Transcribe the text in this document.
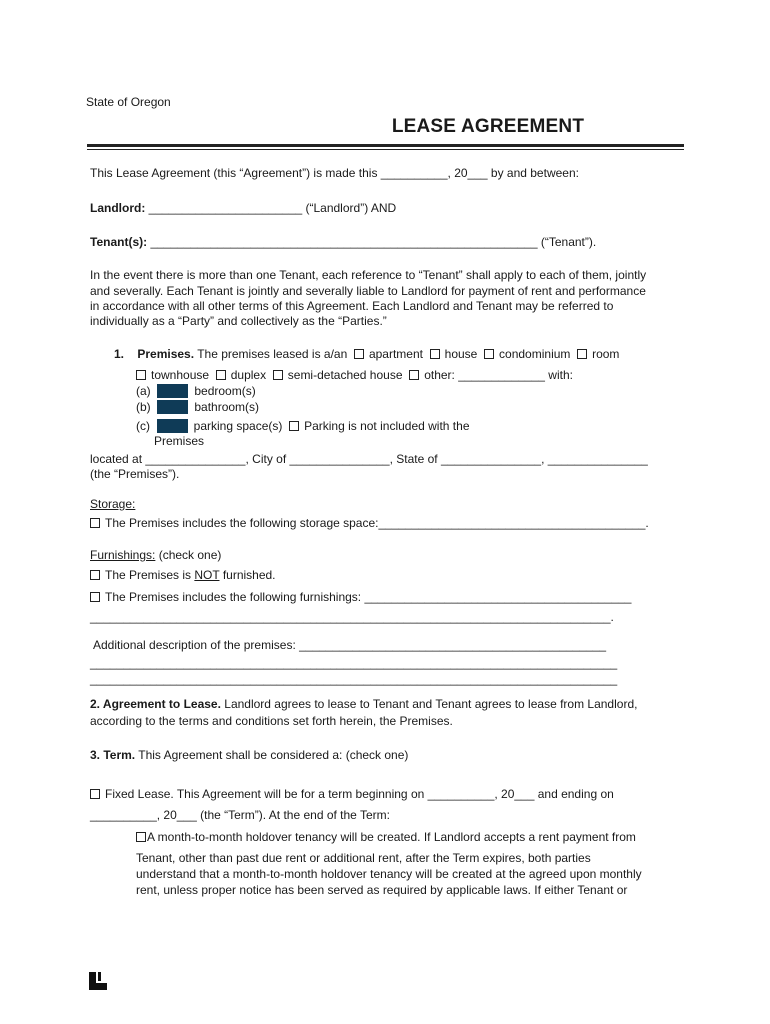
State of Oregon
LEASE AGREEMENT
This Lease Agreement (this “Agreement”) is made this __________, 20___ by and between:
Landlord: _______________________ (“Landlord”) AND
Tenant(s): __________________________________________________________ (“Tenant”).
In the event there is more than one Tenant, each reference to “Tenant” shall apply to each of them, jointly
and severally. Each Tenant is jointly and severally liable to Landlord for payment of rent and performance
in accordance with all other terms of this Agreement. Each Landlord and Tenant may be referred to
individually as a “Party” and collectively as the “Parties.”
1. Premises. The premises leased is a/an apartment house condominium room
townhouse duplex semi-detached house other: _____________ with:
(a)	bedroom(s)
(b)	bathroom(s)
(c)	parking space(s) Parking is not included with the
Premises
located at _______________, City of _______________, State of _______________, _______________
(the “Premises”).
Storage:
The Premises includes the following storage space:________________________________________.
Furnishings: (check one)
The Premises is NOT furnished.
The Premises includes the following furnishings: ________________________________________
______________________________________________________________________________.
Additional description of the premises: ______________________________________________
_______________________________________________________________________________
_______________________________________________________________________________
2. Agreement to Lease. Landlord agrees to lease to Tenant and Tenant agrees to lease from Landlord,
according to the terms and conditions set forth herein, the Premises.
3. Term. This Agreement shall be considered a: (check one)
Fixed Lease. This Agreement will be for a term beginning on __________, 20___ and ending on
__________, 20___ (the “Term”). At the end of the Term:
A month-to-month holdover tenancy will be created. If Landlord accepts a rent payment from
Tenant, other than past due rent or additional rent, after the Term expires, both parties
understand that a month-to-month holdover tenancy will be created at the agreed upon monthly
rent, unless proper notice has been served as required by applicable laws. If either Tenant or
